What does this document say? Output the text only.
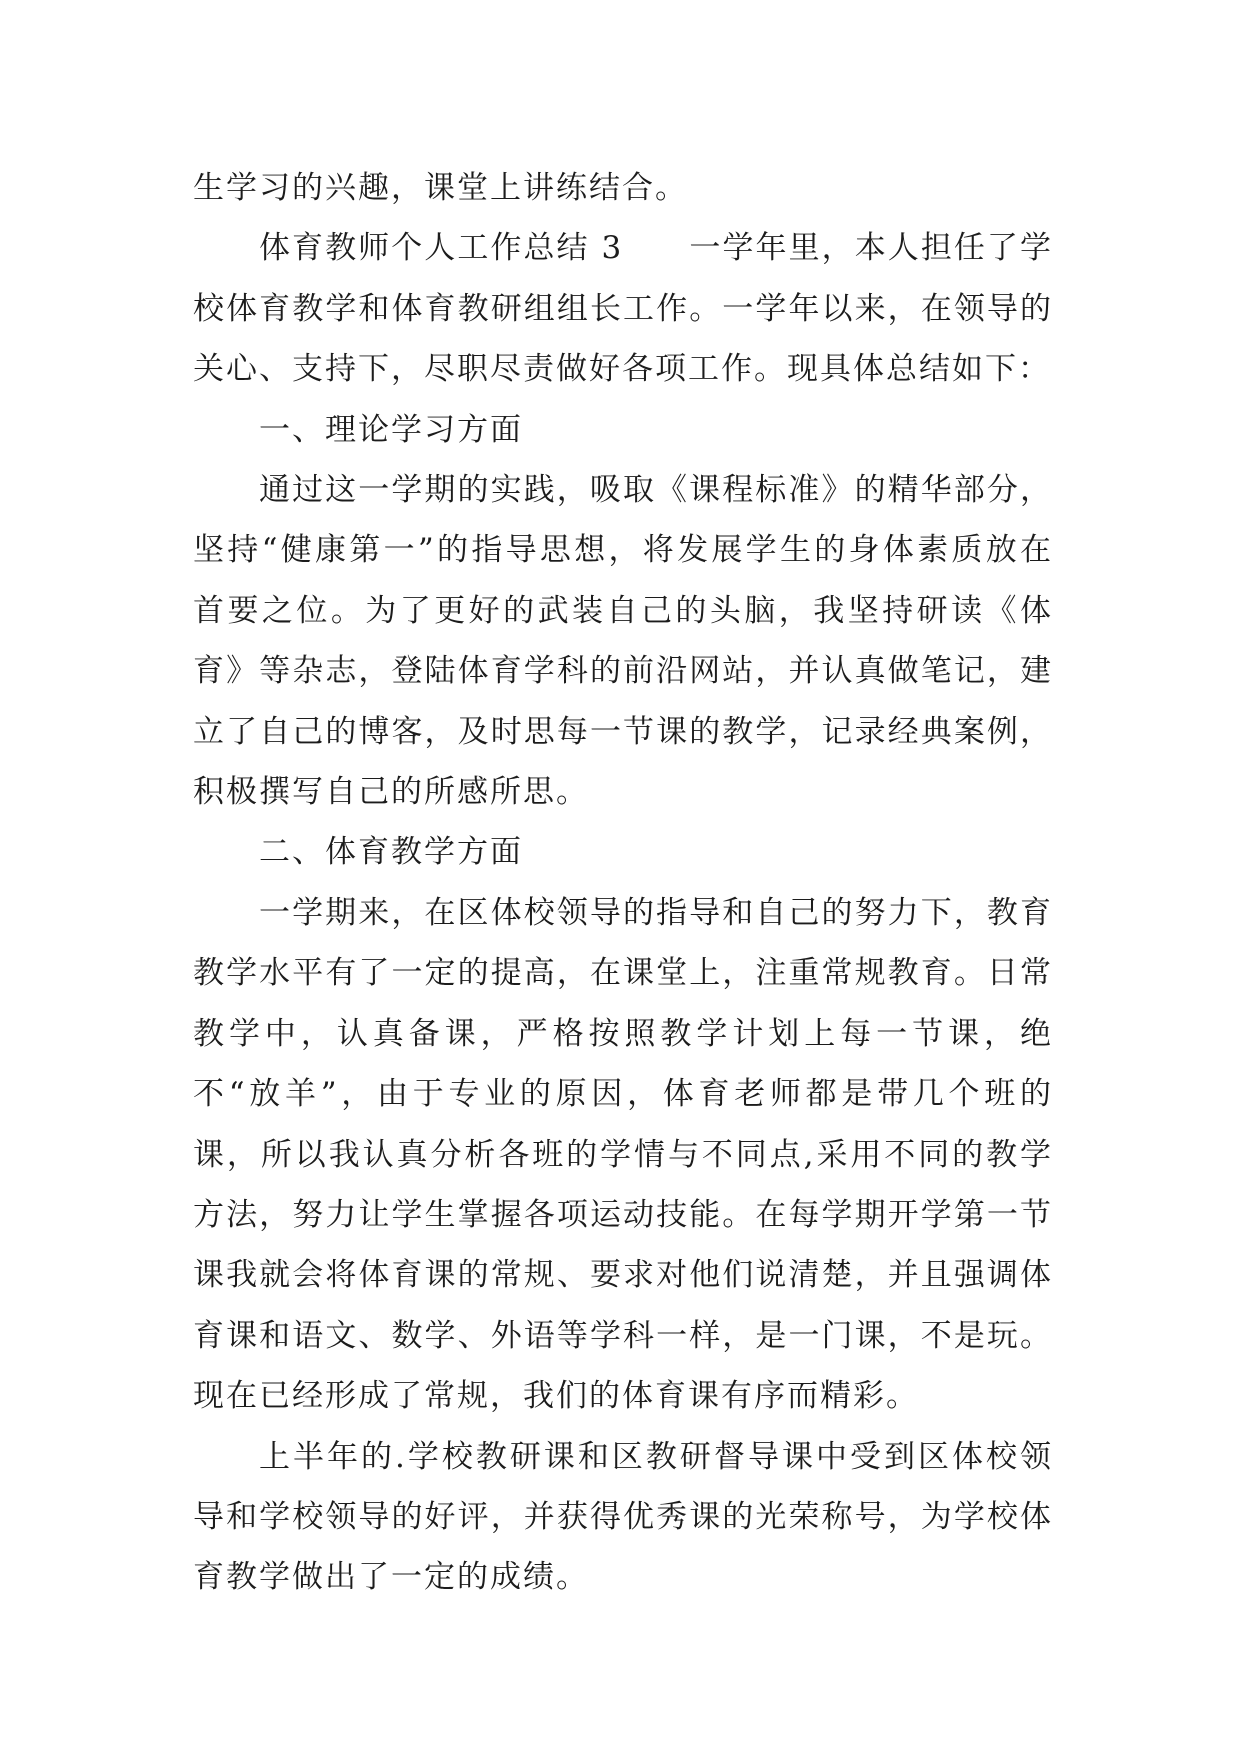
生学习的兴趣，课堂上讲练结合。

体育教师个人工作总结 3　　一学年里，本人担任了学校体育教学和体育教研组组长工作。一学年以来，在领导的关心、支持下，尽职尽责做好各项工作。现具体总结如下：

一、理论学习方面

通过这一学期的实践，吸取《课程标准》的精华部分，坚持“健康第一”的指导思想，将发展学生的身体素质放在首要之位。为了更好的武装自己的头脑，我坚持研读《体育》等杂志，登陆体育学科的前沿网站，并认真做笔记，建立了自己的博客，及时思每一节课的教学，记录经典案例，积极撰写自己的所感所思。

二、体育教学方面

一学期来，在区体校领导的指导和自己的努力下，教育教学水平有了一定的提高，在课堂上，注重常规教育。日常教学中，认真备课，严格按照教学计划上每一节课，绝不“放羊”，由于专业的原因，体育老师都是带几个班的课，所以我认真分析各班的学情与不同点,采用不同的教学方法，努力让学生掌握各项运动技能。在每学期开学第一节课我就会将体育课的常规、要求对他们说清楚，并且强调体育课和语文、数学、外语等学科一样，是一门课，不是玩。现在已经形成了常规，我们的体育课有序而精彩。

上半年的.学校教研课和区教研督导课中受到区体校领导和学校领导的好评，并获得优秀课的光荣称号，为学校体育教学做出了一定的成绩。
